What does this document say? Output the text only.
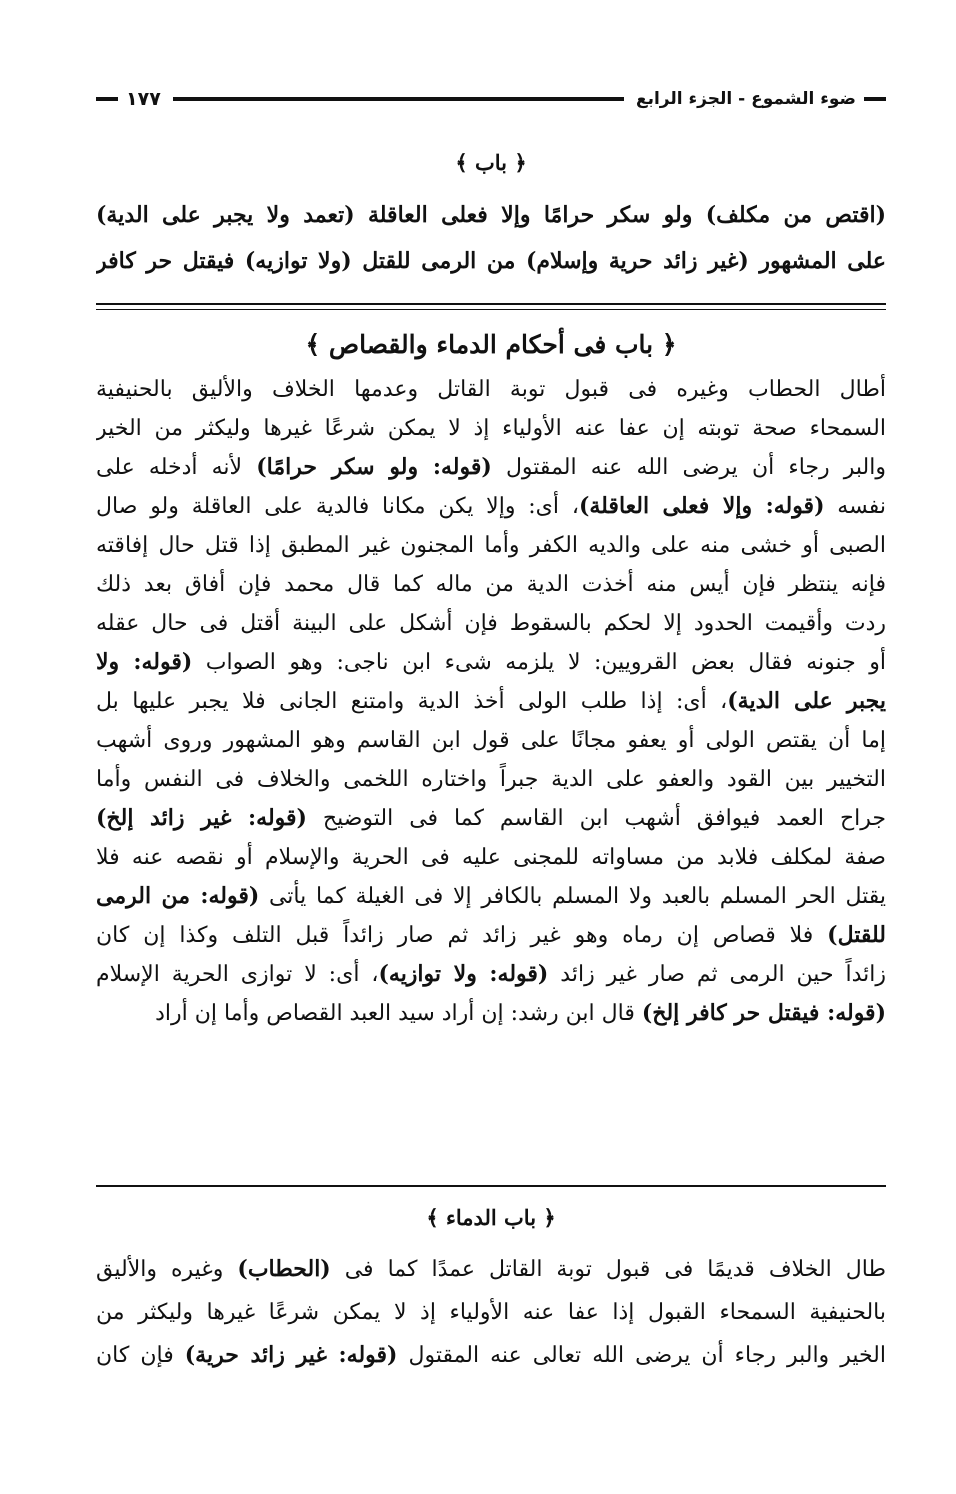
ضوء الشموع - الجزء الرابع
١٧٧
﴿ باب ﴾
(اقتص من مكلف) ولو سكر حرامًا وإلا فعلى العاقلة (تعمد ولا يجبر على الدية)
على المشهور (غير زائد حرية وإسلام) من الرمى للقتل (ولا توازيه) فيقتل حر كافر
﴿ باب فى أحكام الدماء والقصاص ﴾
أطال الحطاب وغيره فى قبول توبة القاتل وعدمها الخلاف والأليق بالحنيفية
السمحاء صحة توبته إن عفا عنه الأولياء إذ لا يمكن شرعًا غيرها وليكثر من الخير
والبر رجاء أن يرضى الله عنه المقتول (قوله: ولو سكر حرامًا) لأنه أدخله على
نفسه (قوله: وإلا فعلى العاقلة)، أى: وإلا يكن مكانا فالدية على العاقلة ولو صال
الصبى أو خشى منه على والديه الكفر وأما المجنون غير المطبق إذا قتل حال إفاقته
فإنه ينتظر فإن أيس منه أخذت الدية من ماله كما قال محمد فإن أفاق بعد ذلك
ردت وأقيمت الحدود إلا لحكم بالسقوط فإن أشكل على البينة أقتل فى حال عقله
أو جنونه فقال بعض القرويين: لا يلزمه شىء ابن ناجى: وهو الصواب (قوله: ولا
يجبر على الدية)، أى: إذا طلب الولى أخذ الدية وامتنع الجانى فلا يجبر عليها بل
إما أن يقتص الولى أو يعفو مجانًا على قول ابن القاسم وهو المشهور وروى أشهب
التخيير بين القود والعفو على الدية جبراً واختاره اللخمى والخلاف فى النفس وأما
جراح العمد فيوافق أشهب ابن القاسم كما فى التوضيح (قوله: غير زائد إلخ)
صفة لمكلف فلابد من مساواته للمجنى عليه فى الحرية والإسلام أو نقصه عنه فلا
يقتل الحر المسلم بالعبد ولا المسلم بالكافر إلا فى الغيلة كما يأتى (قوله: من الرمى
للقتل) فلا قصاص إن رماه وهو غير زائد ثم صار زائداً قبل التلف وكذا إن كان
زائداً حين الرمى ثم صار غير زائد (قوله: ولا توازيه)، أى: لا توازى الحرية الإسلام
(قوله: فيقتل حر كافر إلخ) قال ابن رشد: إن أراد سيد العبد القصاص وأما إن أراد
﴿ باب الدماء ﴾
طال الخلاف قديمًا فى قبول توبة القاتل عمدًا كما فى (الحطاب) وغيره والأليق
بالحنيفية السمحاء القبول إذا عفا عنه الأولياء إذ لا يمكن شرعًا غيرها وليكثر من
الخير والبر رجاء أن يرضى الله تعالى عنه المقتول (قوله: غير زائد حرية) فإن كان
